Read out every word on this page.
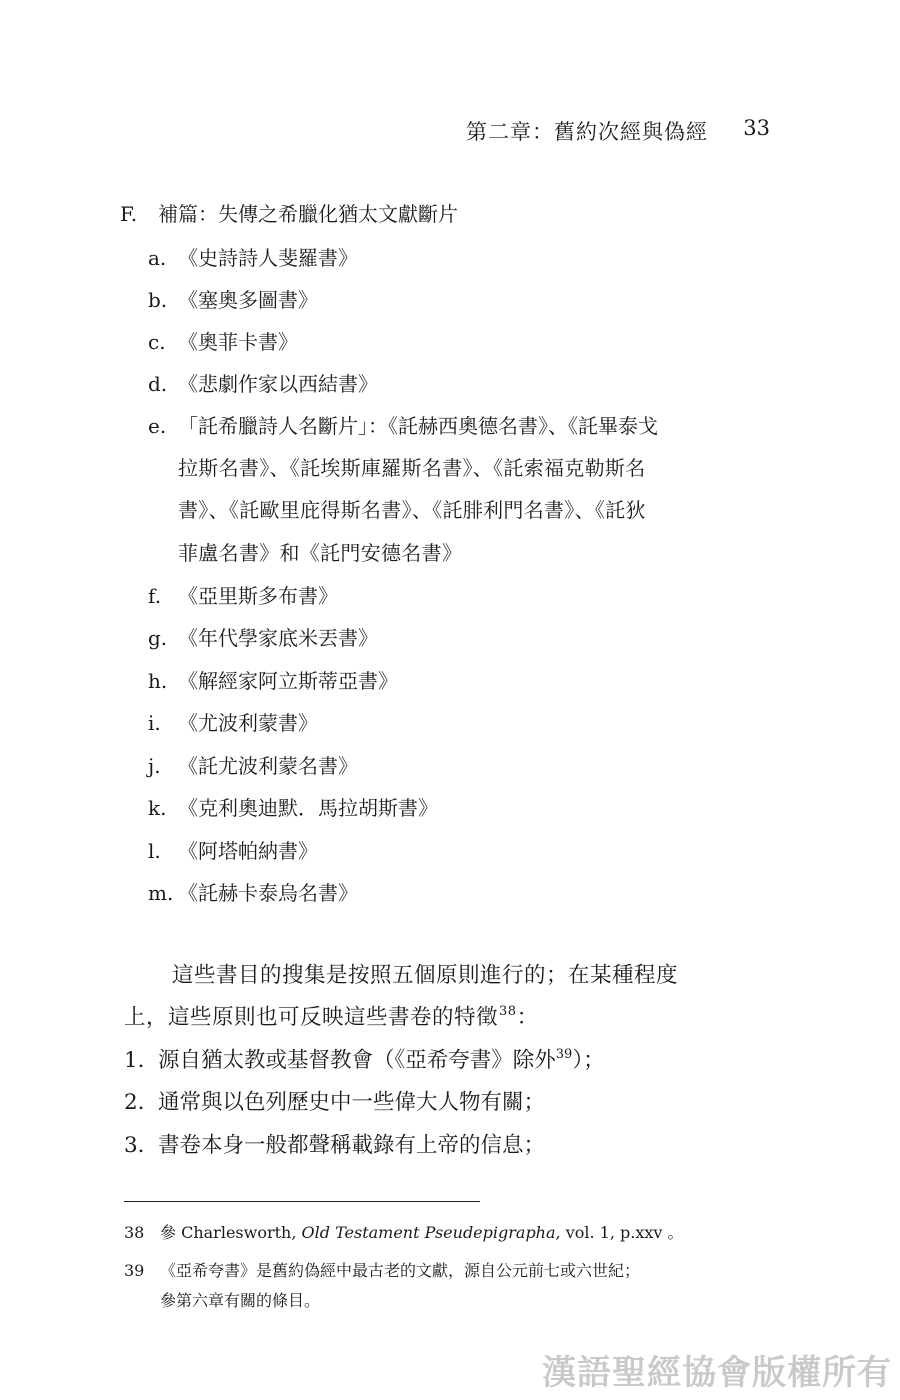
第二章：舊約次經與偽經 33
F. 補篇：失傳之希臘化猶太文獻斷片
a. 《史詩詩人斐羅書》
b. 《塞奧多圖書》
c. 《奧菲卡書》
d. 《悲劇作家以西結書》
e. 「託希臘詩人名斷片」：《託赫西奧德名書》、《託畢泰戈
拉斯名書》、《託埃斯庫羅斯名書》、《託索福克勒斯名
書》、《託歐里庇得斯名書》、《託腓利門名書》、《託狄
菲盧名書》和《託門安德名書》
f. 《亞里斯多布書》
g. 《年代學家底米丟書》
h. 《解經家阿立斯蒂亞書》
i. 《尤波利蒙書》
j. 《託尤波利蒙名書》
k. 《克利奧迪默．馬拉胡斯書》
l. 《阿塔帕納書》
m. 《託赫卡泰烏名書》
這些書目的搜集是按照五個原則進行的；在某種程度
上，這些原則也可反映這些書卷的特徵$^{38}$：
1. 源自猶太教或基督教會（《亞希夸書》除外$^{39}$）；
2. 通常與以色列歷史中一些偉大人物有關；
3. 書卷本身一般都聲稱載錄有上帝的信息；
38 參 Charlesworth, Old Testament Pseudepigrapha, vol. 1, p.xxv 。
39 《亞希夸書》是舊約偽經中最古老的文獻，源自公元前七或六世紀；
參第六章有關的條目。
漢語聖經協會版權所有
